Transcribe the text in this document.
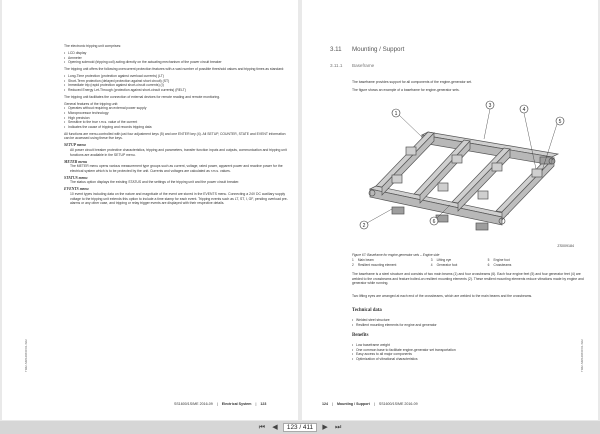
The electronic tripping unit comprises:

• LCD display
• Ammeter
• Opening solenoid (tripping coil) acting directly on the actuating mechanism of the power circuit breaker

The tripping unit offers the following overcurrent protection features with a vast number of possible threshold values and tripping times as standard:

• Long-Time protection (protection against overload currents) (LT)
• Short-Term protection (delayed protection against short circuit) (ST)
• Immediate trip (rapid protection against short-circuit currents) (I)
• Reduced Energy Let-Through (protection against short-circuit currents) (RELT)

The tripping unit facilitates the connection of external devices for remote reading and remote monitoring.

General features of the tripping unit:

• Operates without requiring an external power supply
• Microprocessor technology
• High precision
• Sensitive to the true r.m.s. value of the current
• Indicates the cause of tripping and records tripping data

All functions are menu-controlled with just four adjustment keys (5) and one ENTER key (4). All SETUP, COUNTER, STATE and EVENT information can be accessed using these five keys.

SETUP menu
All power circuit breaker protective characteristics, tripping and parameters, transfer function inputs and outputs, communication and tripping unit functions are available in the SETUP menu.
METER menu
The METER menu opens various measurement type groups such as current, voltage, rated power, apparent power and reactive power for the electrical system which is to be protected by the unit. Currents and voltages are calculated as r.m.s. values.
STATUS menu
The status option displays the existing STATUS and the settings of the tripping unit and the power circuit breaker.
EVENTS menu
10 event types including data on the nature and magnitude of the event are stored in the EVENTS menu. Connecting a 24V DC auxiliary supply voltage to the tripping unit extends this option to include a time stamp for each event. Tripping events such as LT, ST, I, GF, pending overload pre-alarms or any other case, and tripping or relay trigger events are displayed with their respective details.
TIM2-SMS4066C01-S02
SS1600/1S/ME 2016-09 | Electrical System | 123
3.11 Mounting / Support
3.11.1 Baseframe
The baseframe provides support for all components of the engine-generator set.
The figure shows an example of a baseframe for engine-generator sets.
1
2
3
4
5
6
ZS009184
Figure 67: Baseframe for engine-generator sets – Engine side
1 Main beam	3 Lifting eye	5 Engine foot
2 Resilient mounting element	4 Generator foot	6 Crossbeams
The baseframe is a steel structure and consists of two main beams (1) and four crossbeams (6). Each four engine feet (5) and four generator feet (4) are welded to the crossbeams and feature bolted-on resilient mounting elements (2). These resilient mounting elements reduce vibrations made by engine and generator while running.
Two lifting eyes are arranged at each end of the crossbeams, which are welded to the main beams and the crossbeams.
Technical data
• Welded steel structure
• Resilient mounting elements for engine and generator
Benefits
• Low baseframe weight
• One common base to facilitate engine-generator set transportation
• Easy access to all major components
• Optimization of vibrational characteristics	TIM2-SMS4066C01-S02
124 | Mounting / Support | SS1600/1S/ME 2016-09
⏮	◀	123 / 411	▶	⏭
